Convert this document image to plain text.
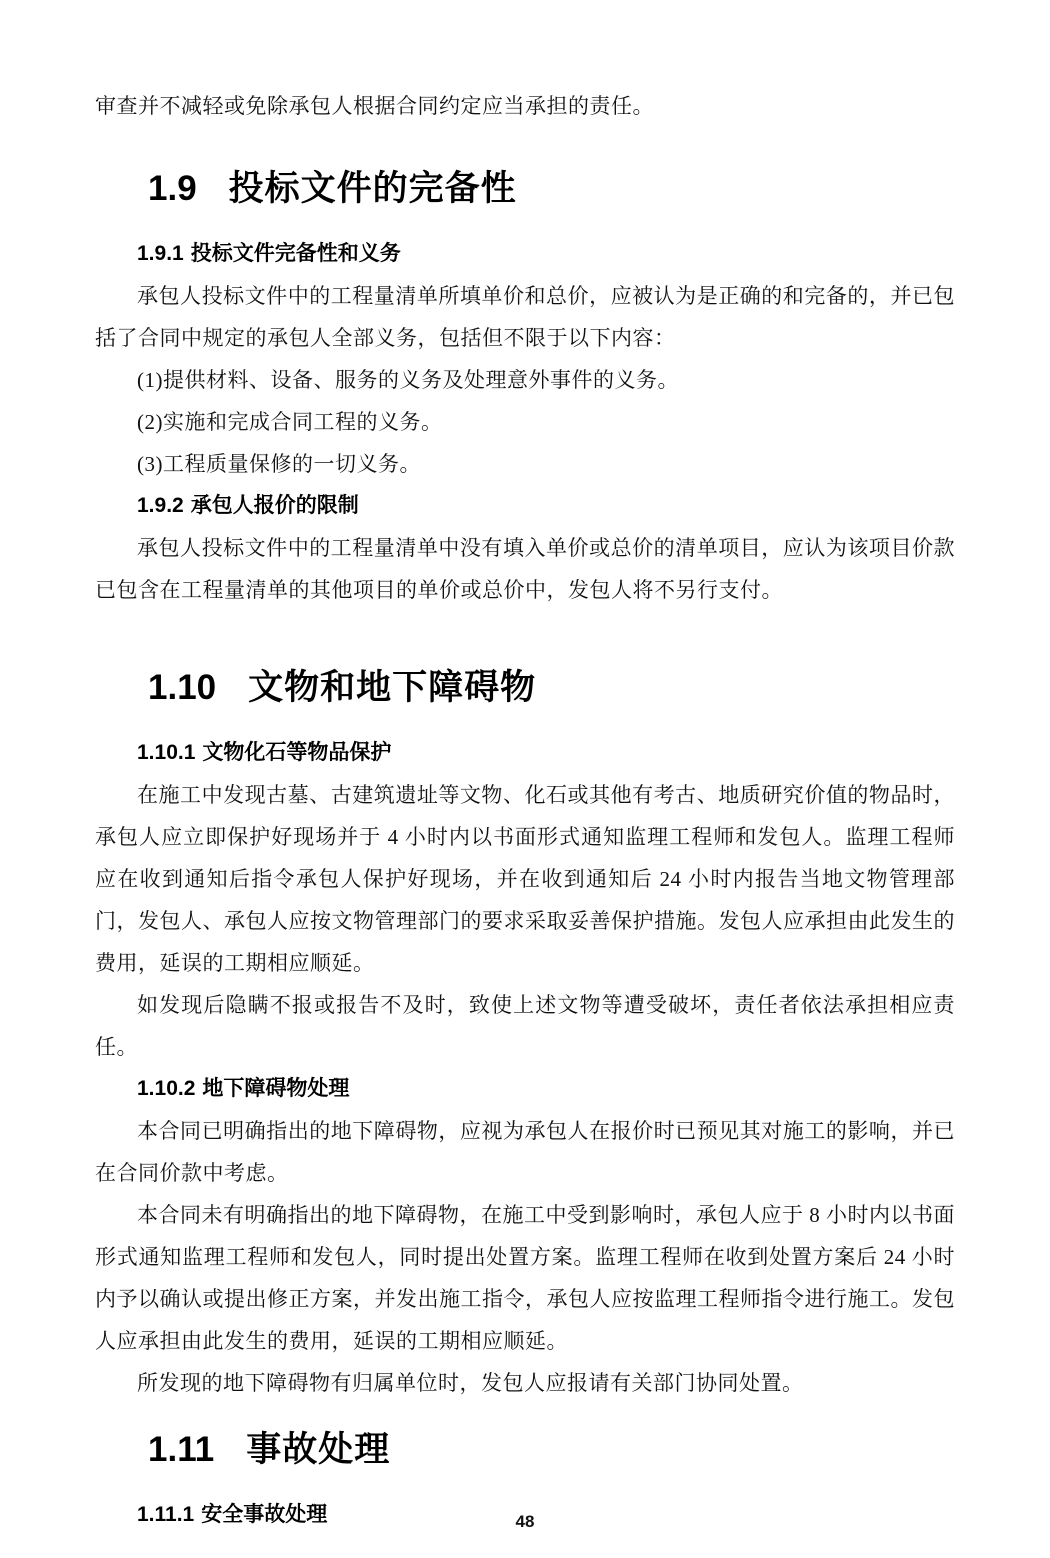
审查并不减轻或免除承包人根据合同约定应当承担的责任。

1.9 投标文件的完备性
1.9.1 投标文件完备性和义务

承包人投标文件中的工程量清单所填单价和总价，应被认为是正确的和完备的，并已包括了合同中规定的承包人全部义务，包括但不限于以下内容：

(1)提供材料、设备、服务的义务及处理意外事件的义务。

(2)实施和完成合同工程的义务。

(3)工程质量保修的一切义务。

1.9.2 承包人报价的限制

承包人投标文件中的工程量清单中没有填入单价或总价的清单项目，应认为该项目价款已包含在工程量清单的其他项目的单价或总价中，发包人将不另行支付。

1.10 文物和地下障碍物
1.10.1 文物化石等物品保护

在施工中发现古墓、古建筑遗址等文物、化石或其他有考古、地质研究价值的物品时，承包人应立即保护好现场并于 4 小时内以书面形式通知监理工程师和发包人。监理工程师应在收到通知后指令承包人保护好现场，并在收到通知后 24 小时内报告当地文物管理部门，发包人、承包人应按文物管理部门的要求采取妥善保护措施。发包人应承担由此发生的费用，延误的工期相应顺延。

如发现后隐瞒不报或报告不及时，致使上述文物等遭受破坏，责任者依法承担相应责任。

1.10.2 地下障碍物处理

本合同已明确指出的地下障碍物，应视为承包人在报价时已预见其对施工的影响，并已在合同价款中考虑。

本合同未有明确指出的地下障碍物，在施工中受到影响时，承包人应于 8 小时内以书面形式通知监理工程师和发包人，同时提出处置方案。监理工程师在收到处置方案后 24 小时内予以确认或提出修正方案，并发出施工指令，承包人应按监理工程师指令进行施工。发包人应承担由此发生的费用，延误的工期相应顺延。

所发现的地下障碍物有归属单位时，发包人应报请有关部门协同处置。

1.11 事故处理
1.11.1 安全事故处理	48
